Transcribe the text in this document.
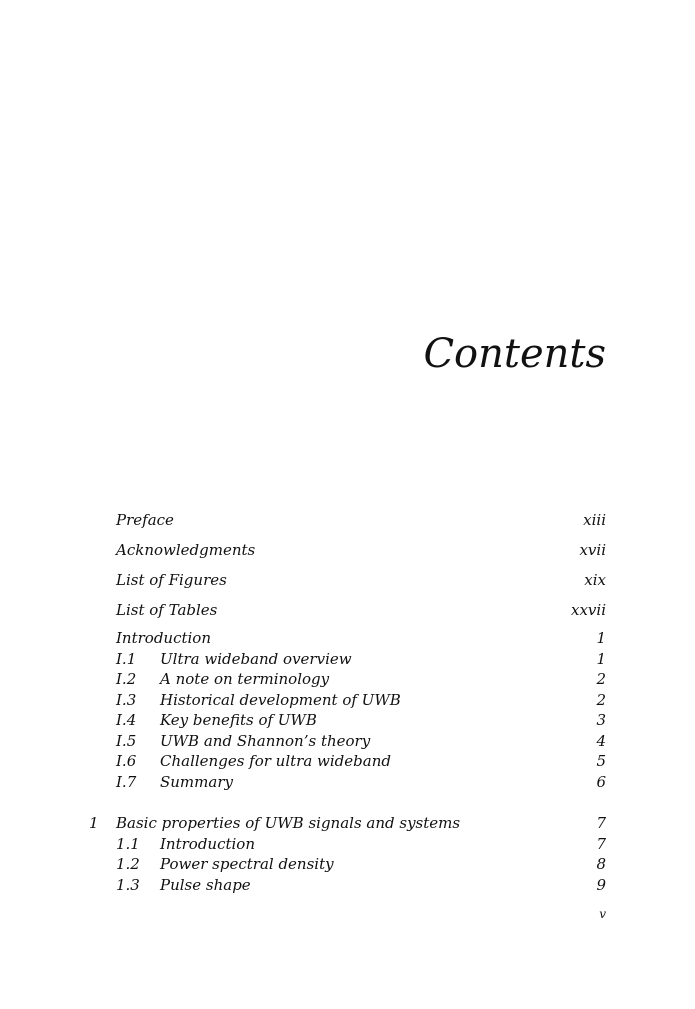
Contents
Preface	xiii
Acknowledgments	xvii
List of Figures	xix
List of Tables	xxvii
Introduction	1
I.1 Ultra wideband overview	1
I.2 A note on terminology	2
I.3 Historical development of UWB	2
I.4 Key benefits of UWB	3
I.5 UWB and Shannon’s theory	4
I.6 Challenges for ultra wideband	5
I.7 Summary	6
1 Basic properties of UWB signals and systems	7
1.1 Introduction	7
1.2 Power spectral density	8
1.3 Pulse shape	9
v
